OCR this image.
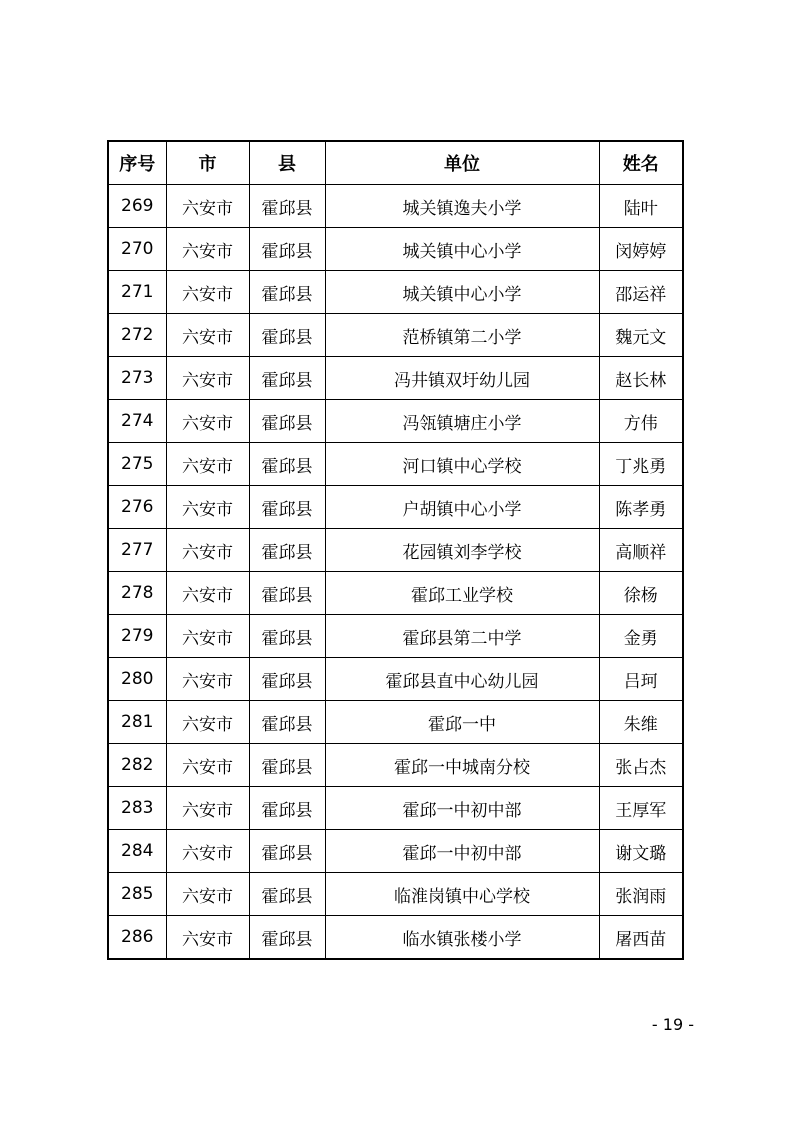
序号	市	县	单位	姓名
269	六安市	霍邱县	城关镇逸夫小学	陆叶
270	六安市	霍邱县	城关镇中心小学	闵婷婷
271	六安市	霍邱县	城关镇中心小学	邵运祥
272	六安市	霍邱县	范桥镇第二小学	魏元文
273	六安市	霍邱县	冯井镇双圩幼儿园	赵长林
274	六安市	霍邱县	冯瓴镇塘庄小学	方伟
275	六安市	霍邱县	河口镇中心学校	丁兆勇
276	六安市	霍邱县	户胡镇中心小学	陈孝勇
277	六安市	霍邱县	花园镇刘李学校	高顺祥
278	六安市	霍邱县	霍邱工业学校	徐杨
279	六安市	霍邱县	霍邱县第二中学	金勇
280	六安市	霍邱县	霍邱县直中心幼儿园	吕珂
281	六安市	霍邱县	霍邱一中	朱维
282	六安市	霍邱县	霍邱一中城南分校	张占杰
283	六安市	霍邱县	霍邱一中初中部	王厚军
284	六安市	霍邱县	霍邱一中初中部	谢文璐
285	六安市	霍邱县	临淮岗镇中心学校	张润雨
286	六安市	霍邱县	临水镇张楼小学	屠西苗
- 19 -
